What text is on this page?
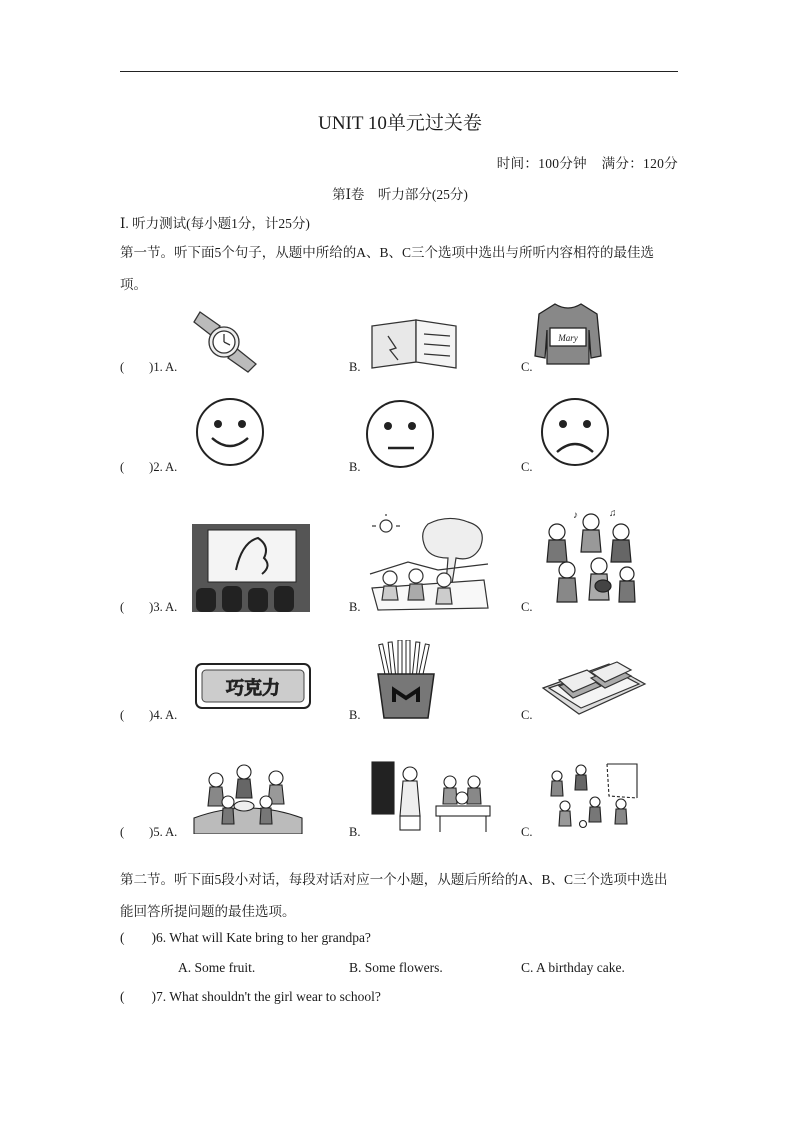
UNIT 10单元过关卷
时间：100分钟    满分：120分
第Ⅰ卷    听力部分(25分)
Ⅰ. 听力测试(每小题1分，计25分)
第一节。听下面5个句子，从题中所给的A、B、C三个选项中选出与所听内容相符的最佳选
项。
(        )1. A.	B.	C.
Mary
(        )2. A.	B.	C.
(        )3. A.	B.	C.
♪	♫
(        )4. A.	B.	C.
巧克力
(        )5. A.	B.	C.
第二节。听下面5段小对话，每段对话对应一个小题，从题后所给的A、B、C三个选项中选出
能回答所提问题的最佳选项。
(        )6. What will Kate bring to her grandpa?
A. Some fruit.	B. Some flowers.	C. A birthday cake.
(        )7. What shouldn't the girl wear to school?
